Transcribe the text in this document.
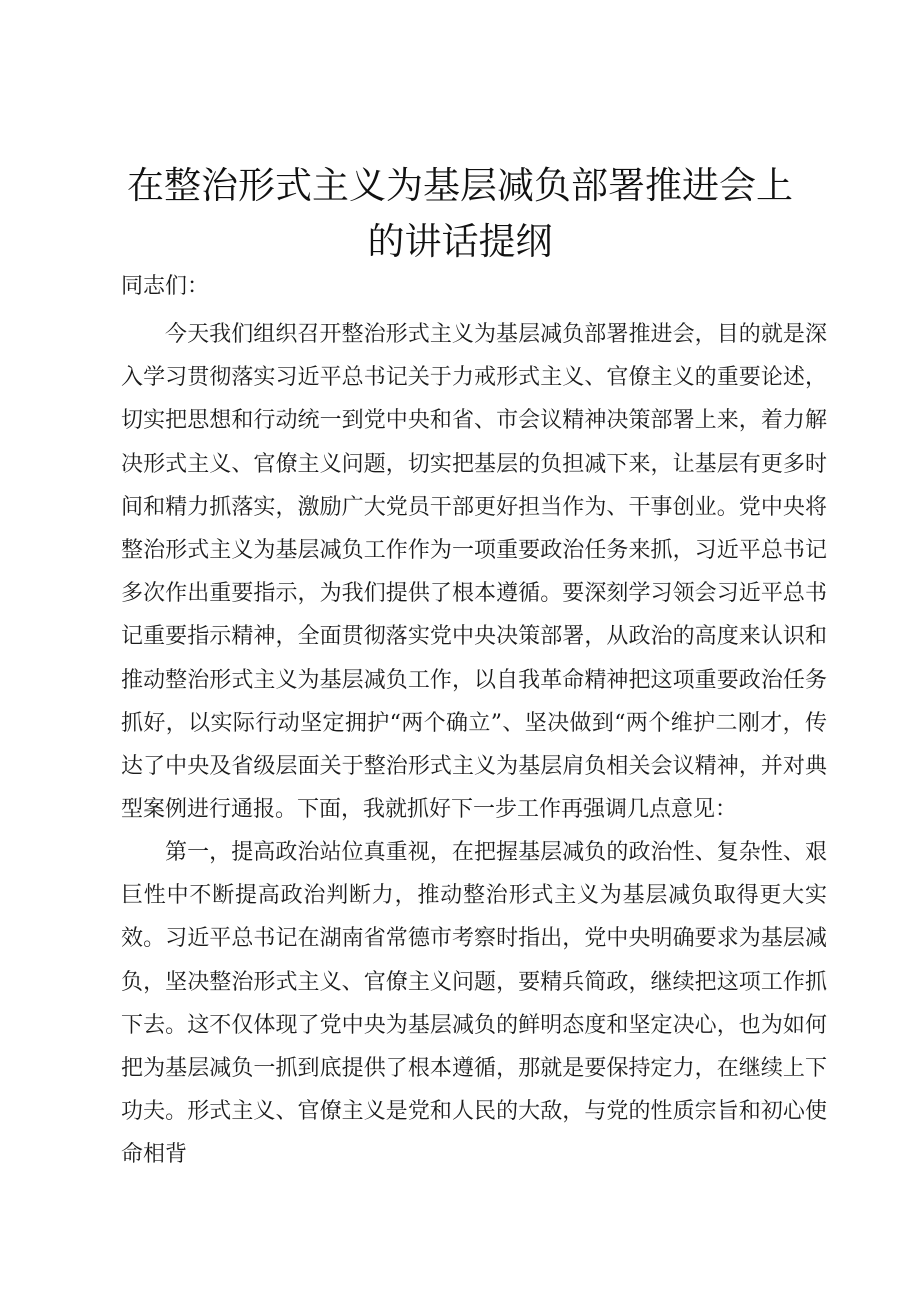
在整治形式主义为基层减负部署推进会上的讲话提纲

同志们：

今天我们组织召开整治形式主义为基层减负部署推进会，目的就是深入学习贯彻落实习近平总书记关于力戒形式主义、官僚主义的重要论述，切实把思想和行动统一到党中央和省、市会议精神决策部署上来，着力解决形式主义、官僚主义问题，切实把基层的负担减下来，让基层有更多时间和精力抓落实，激励广大党员干部更好担当作为、干事创业。党中央将整治形式主义为基层减负工作作为一项重要政治任务来抓，习近平总书记多次作出重要指示，为我们提供了根本遵循。要深刻学习领会习近平总书记重要指示精神，全面贯彻落实党中央决策部署，从政治的高度来认识和推动整治形式主义为基层减负工作，以自我革命精神把这项重要政治任务抓好，以实际行动坚定拥护“两个确立”、坚决做到“两个维护二刚才，传达了中央及省级层面关于整治形式主义为基层肩负相关会议精神，并对典型案例进行通报。下面，我就抓好下一步工作再强调几点意见：

第一，提高政治站位真重视，在把握基层减负的政治性、复杂性、艰巨性中不断提高政治判断力，推动整治形式主义为基层减负取得更大实效。习近平总书记在湖南省常德市考察时指出，党中央明确要求为基层减负，坚决整治形式主义、官僚主义问题，要精兵简政，继续把这项工作抓下去。这不仅体现了党中央为基层减负的鲜明态度和坚定决心，也为如何把为基层减负一抓到底提供了根本遵循，那就是要保持定力，在继续上下功夫。形式主义、官僚主义是党和人民的大敌，与党的性质宗旨和初心使命相背
